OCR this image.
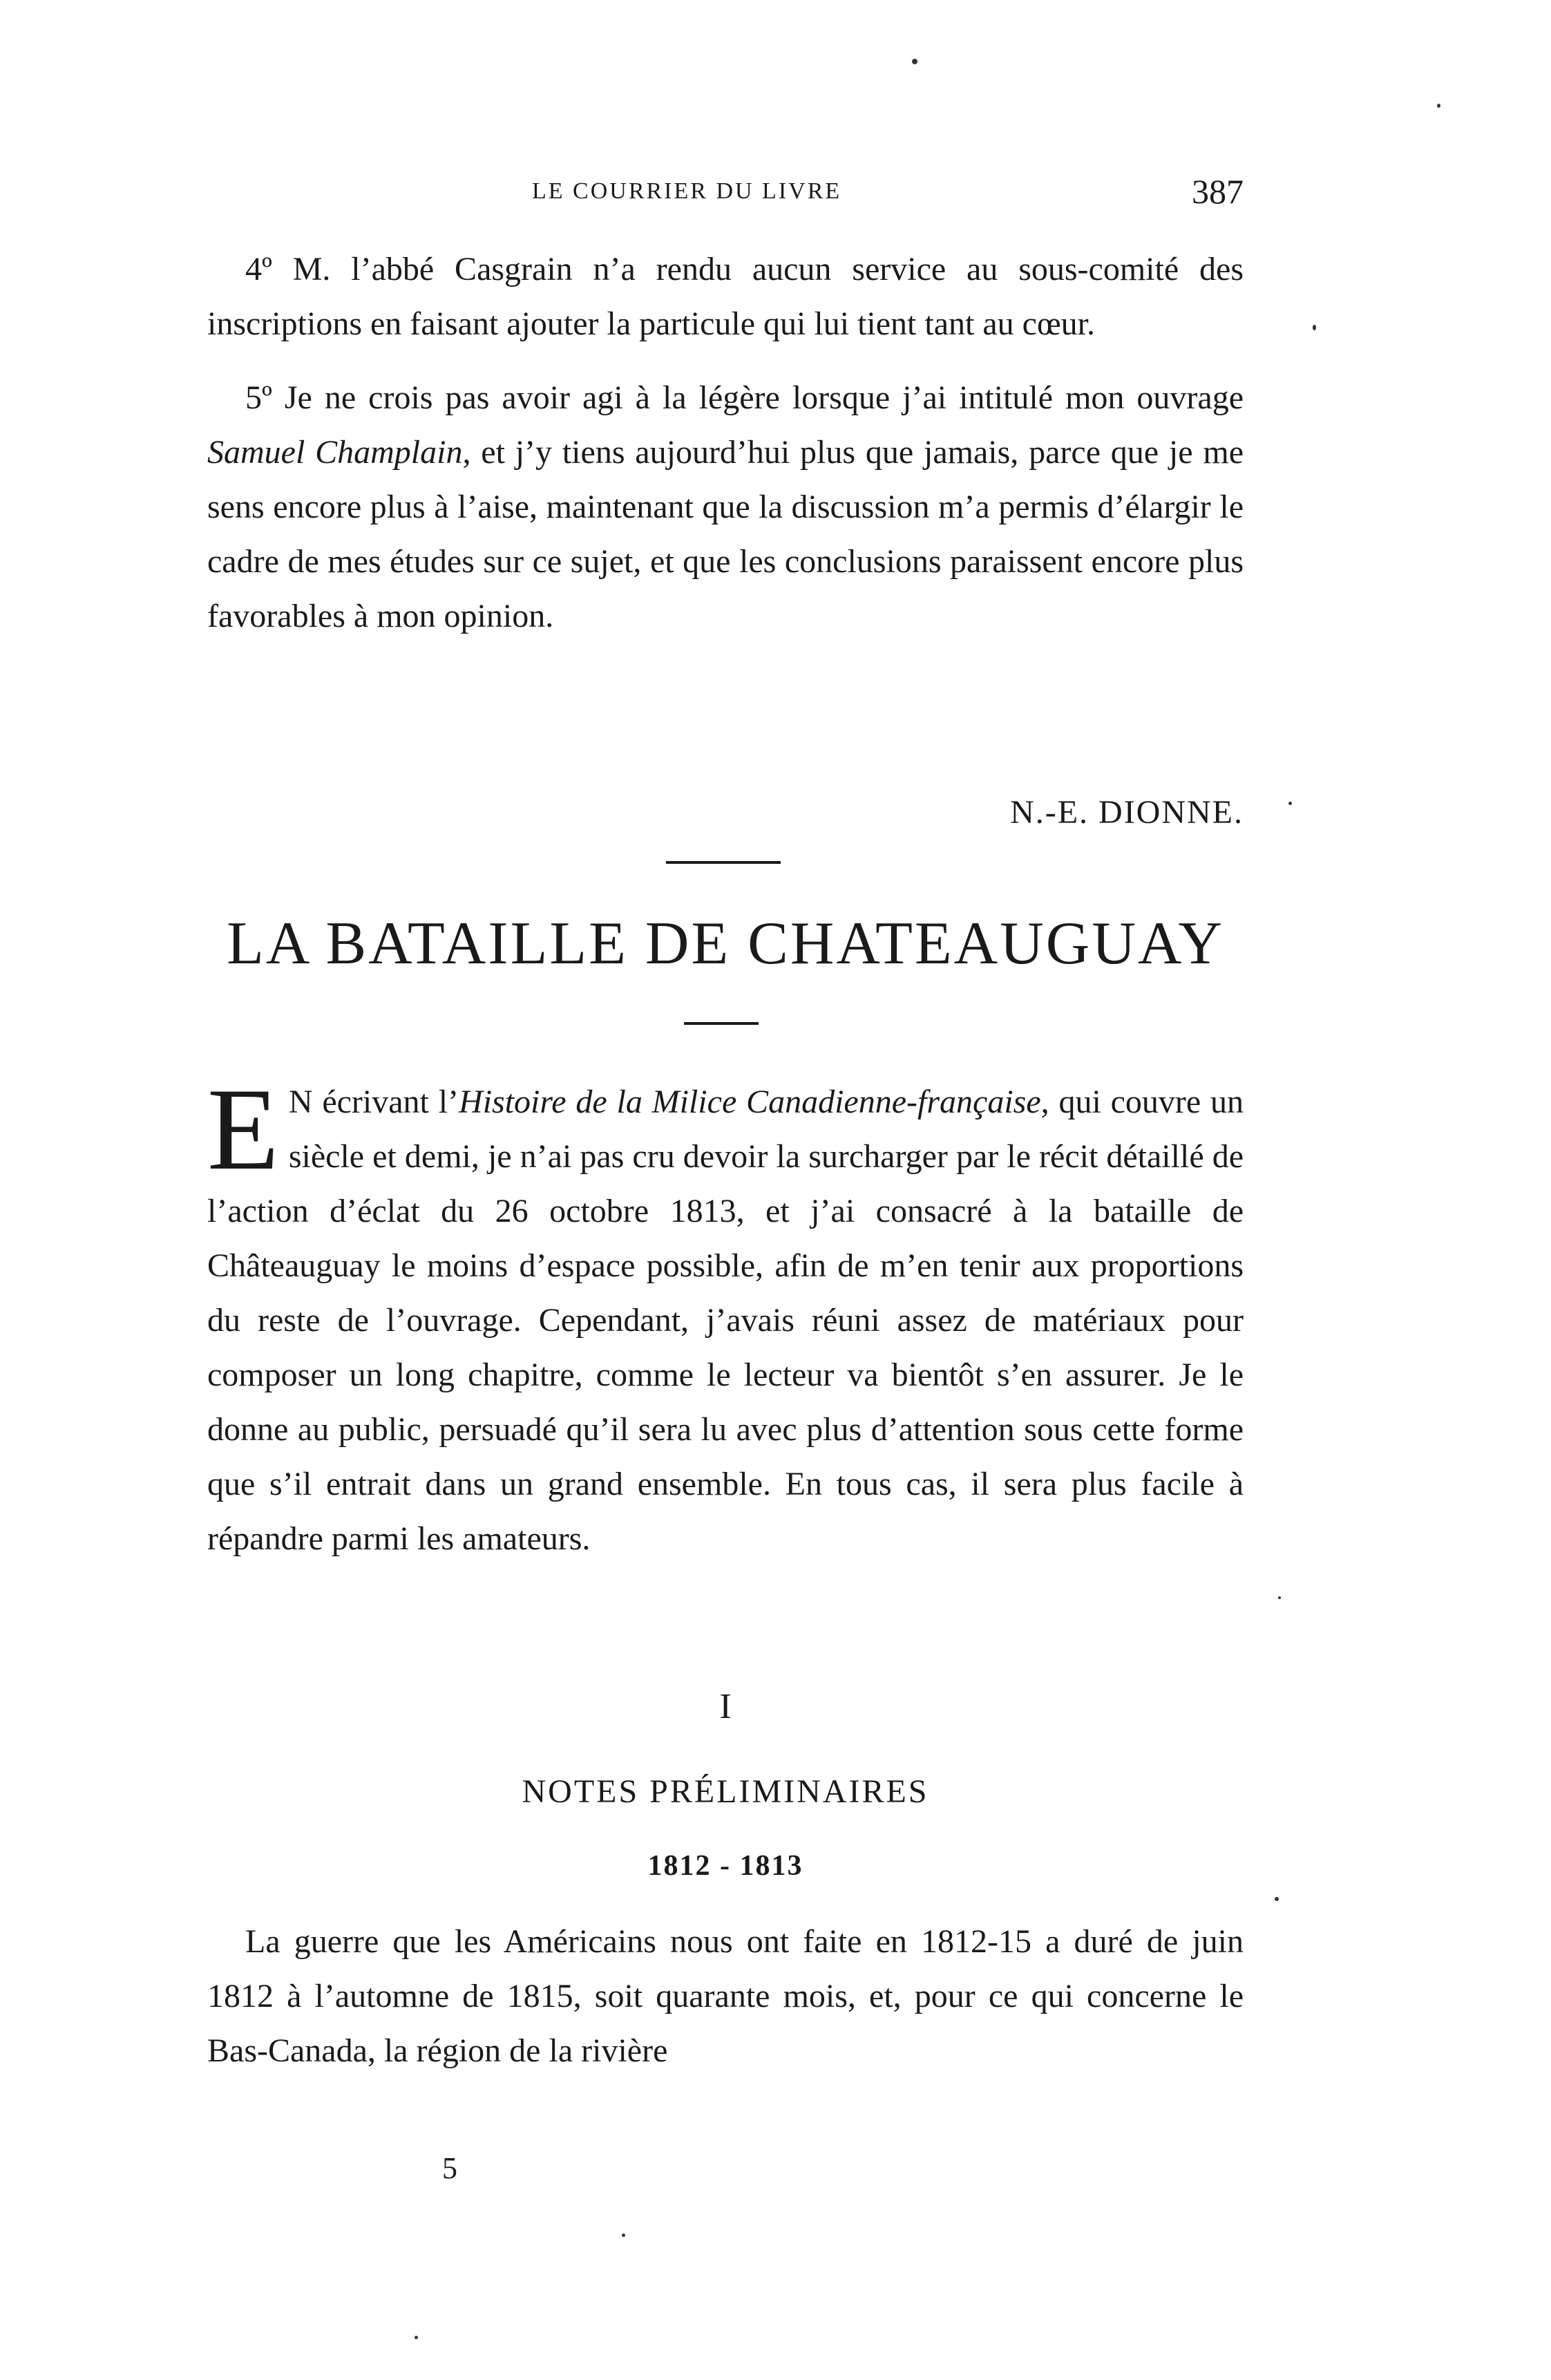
LE COURRIER DU LIVRE	387

4º M. l’abbé Casgrain n’a rendu aucun service au sous-comité des inscriptions en faisant ajouter la particule qui lui tient tant au cœur.

5º Je ne crois pas avoir agi à la légère lorsque j’ai intitulé mon ouvrage Samuel Champlain, et j’y tiens aujourd’hui plus que jamais, parce que je me sens encore plus à l’aise, maintenant que la discussion m’a permis d’élargir le cadre de mes études sur ce sujet, et que les conclusions paraissent encore plus favorables à mon opinion.

N.-E. DIONNE.
LA BATAILLE DE CHATEAUGUAY
E N écrivant l’Histoire de la Milice Canadienne-française, qui couvre un siècle et demi, je n’ai pas cru devoir la surcharger par le récit détaillé de l’action d’éclat du 26 octobre 1813, et j’ai consacré à la bataille de Châteauguay le moins d’espace possible, afin de m’en tenir aux proportions du reste de l’ouvrage. Cependant, j’avais réuni assez de matériaux pour composer un long chapitre, comme le lecteur va bientôt s’en assurer. Je le donne au public, persuadé qu’il sera lu avec plus d’attention sous cette forme que s’il entrait dans un grand ensemble. En tous cas, il sera plus facile à répandre parmi les amateurs.

I
NOTES PRÉLIMINAIRES
1812 - 1813

La guerre que les Américains nous ont faite en 1812-15 a duré de juin 1812 à l’automne de 1815, soit quarante mois, et, pour ce qui concerne le Bas-Canada, la région de la rivière

5
